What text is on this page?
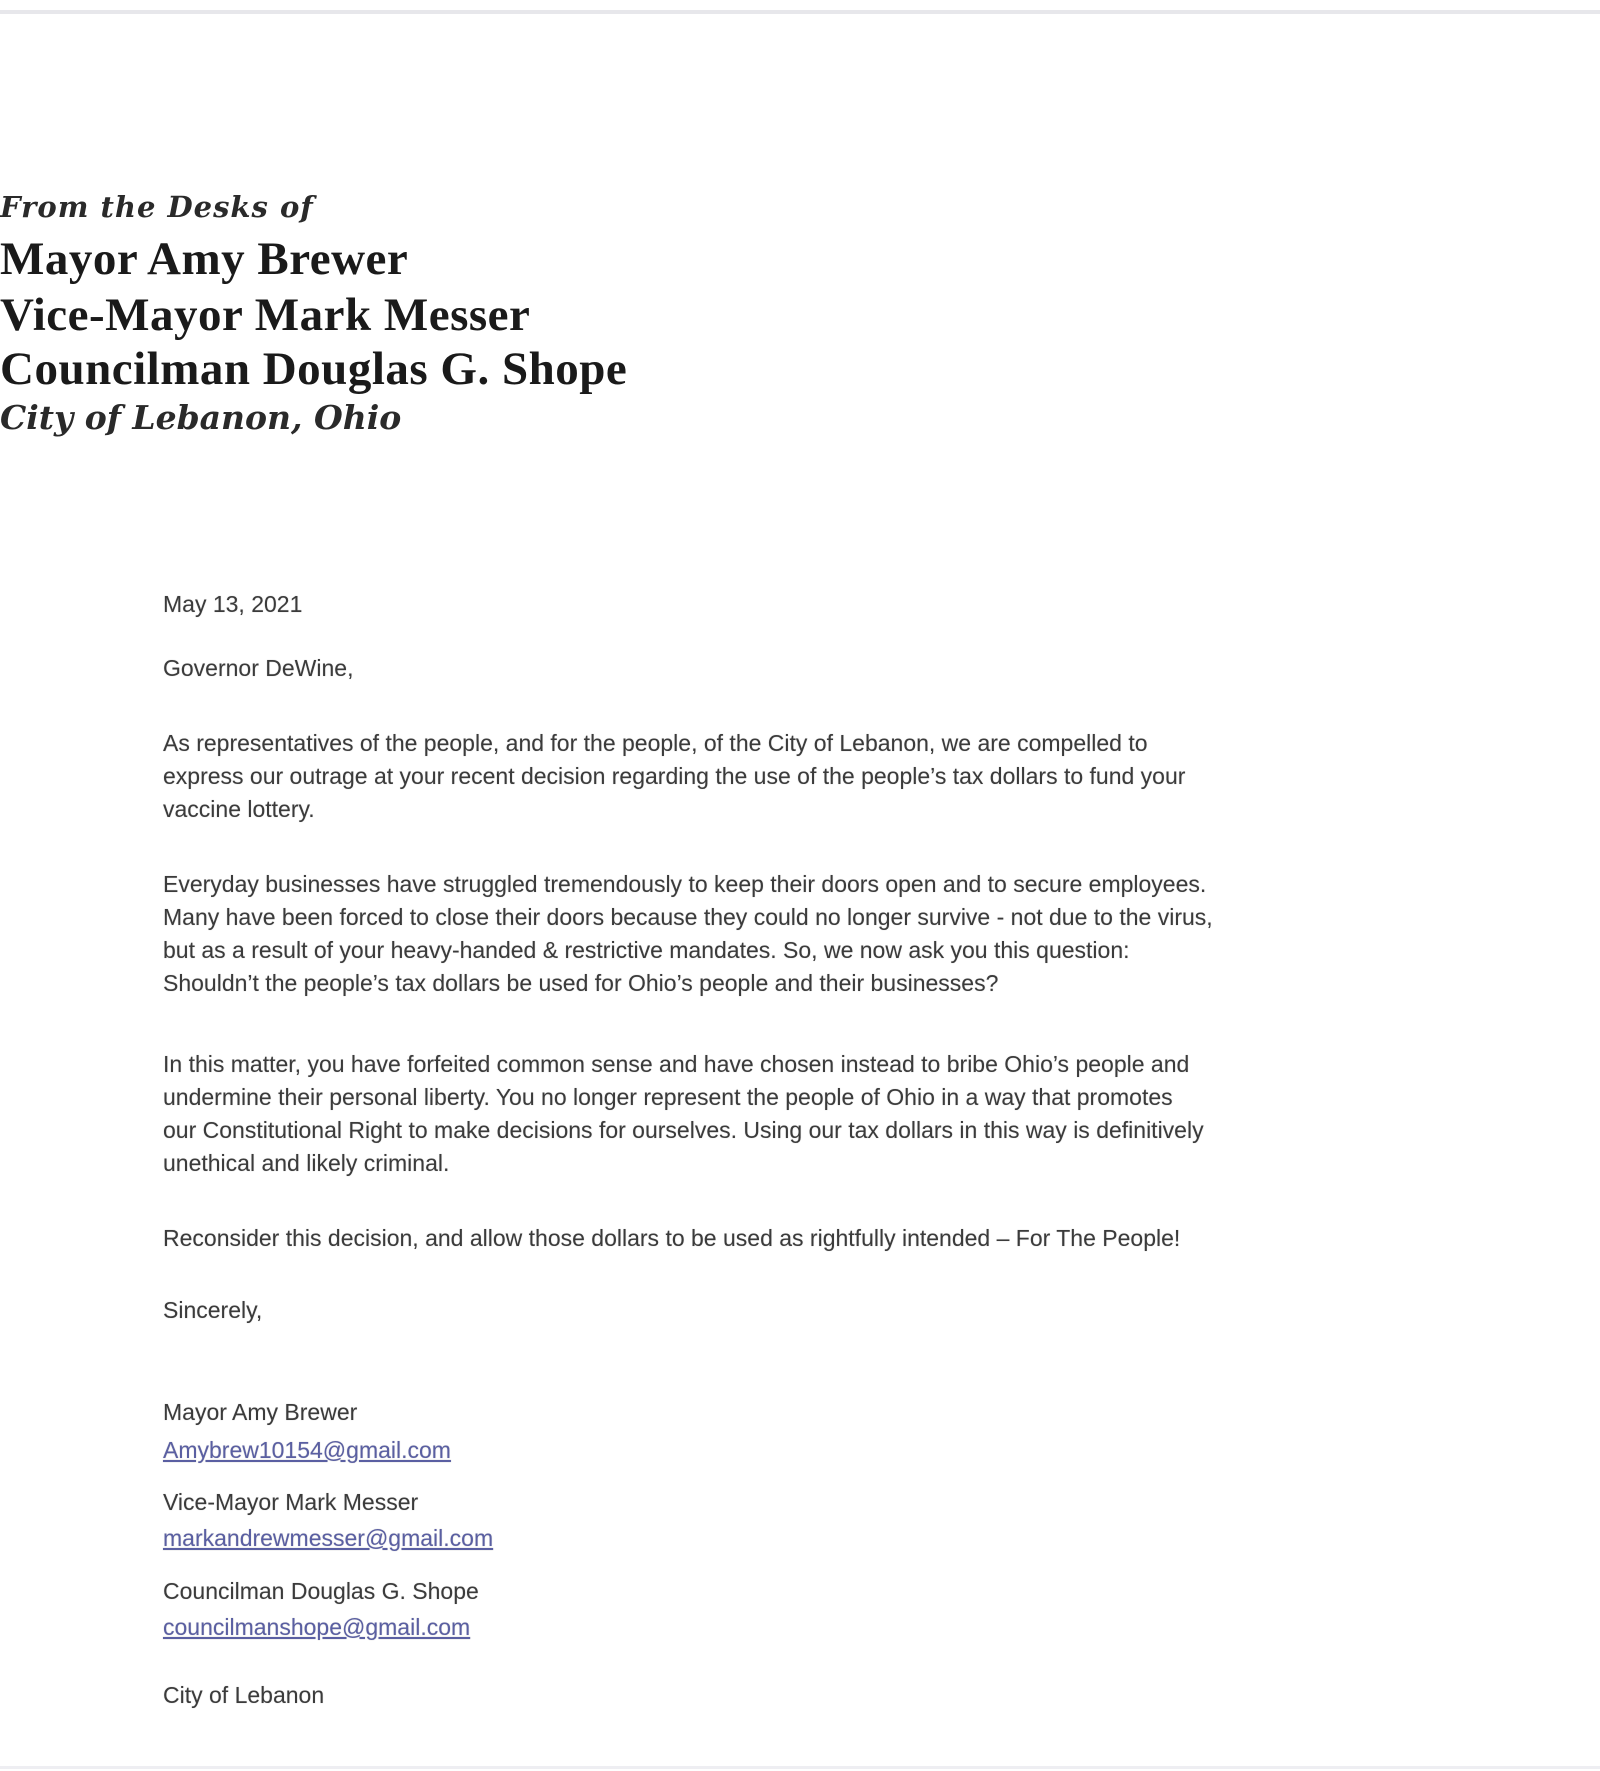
From the Desks of
Mayor Amy Brewer
Vice-Mayor Mark Messer
Councilman Douglas G. Shope
City of Lebanon, Ohio
May 13, 2021
Governor DeWine,
As representatives of the people, and for the people, of the City of Lebanon, we are compelled to
express our outrage at your recent decision regarding the use of the people’s tax dollars to fund your
vaccine lottery.
Everyday businesses have struggled tremendously to keep their doors open and to secure employees.
Many have been forced to close their doors because they could no longer survive - not due to the virus,
but as a result of your heavy-handed & restrictive mandates. So, we now ask you this question:
Shouldn’t the people’s tax dollars be used for Ohio’s people and their businesses?
In this matter, you have forfeited common sense and have chosen instead to bribe Ohio’s people and
undermine their personal liberty. You no longer represent the people of Ohio in a way that promotes
our Constitutional Right to make decisions for ourselves. Using our tax dollars in this way is definitively
unethical and likely criminal.
Reconsider this decision, and allow those dollars to be used as rightfully intended – For The People!
Sincerely,
Mayor Amy Brewer
Amybrew10154@gmail.com
Vice-Mayor Mark Messer
markandrewmesser@gmail.com
Councilman Douglas G. Shope
councilmanshope@gmail.com
City of Lebanon
